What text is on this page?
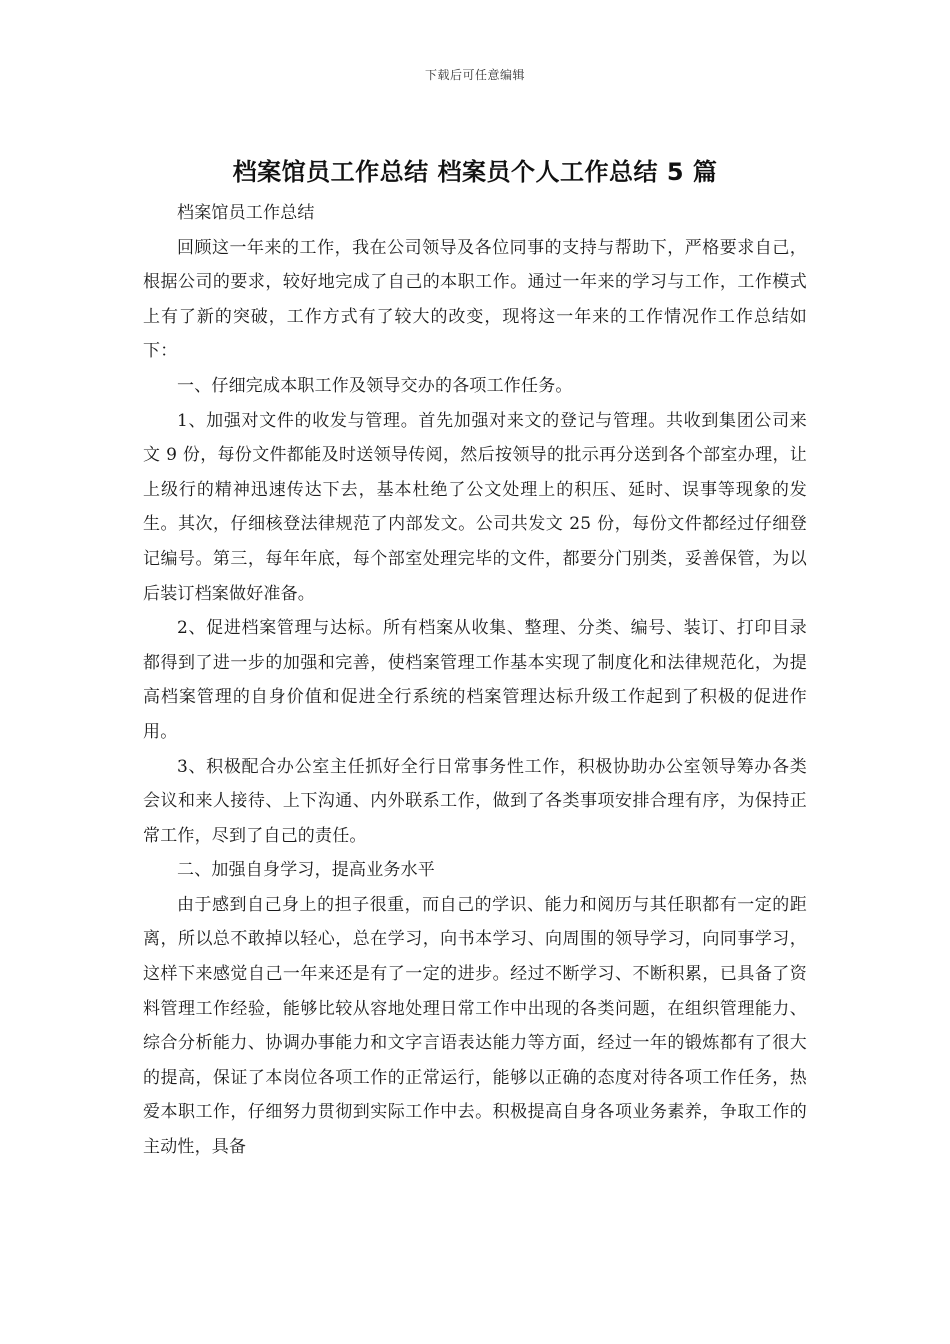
下载后可任意编辑
档案馆员工作总结 档案员个人工作总结 5 篇

档案馆员工作总结

回顾这一年来的工作，我在公司领导及各位同事的支持与帮助下，严格要求自己，根据公司的要求，较好地完成了自己的本职工作。通过一年来的学习与工作，工作模式上有了新的突破，工作方式有了较大的改变，现将这一年来的工作情况作工作总结如下：

一、仔细完成本职工作及领导交办的各项工作任务。

1、加强对文件的收发与管理。首先加强对来文的登记与管理。共收到集团公司来文 9 份，每份文件都能及时送领导传阅，然后按领导的批示再分送到各个部室办理，让上级行的精神迅速传达下去，基本杜绝了公文处理上的积压、延时、误事等现象的发生。其次，仔细核登法律规范了内部发文。公司共发文 25 份，每份文件都经过仔细登记编号。第三，每年年底，每个部室处理完毕的文件，都要分门别类，妥善保管，为以后装订档案做好准备。

2、促进档案管理与达标。所有档案从收集、整理、分类、编号、装订、打印目录都得到了进一步的加强和完善，使档案管理工作基本实现了制度化和法律规范化，为提高档案管理的自身价值和促进全行系统的档案管理达标升级工作起到了积极的促进作用。

3、积极配合办公室主任抓好全行日常事务性工作，积极协助办公室领导筹办各类会议和来人接待、上下沟通、内外联系工作，做到了各类事项安排合理有序，为保持正常工作，尽到了自己的责任。

二、加强自身学习，提高业务水平

由于感到自己身上的担子很重，而自己的学识、能力和阅历与其任职都有一定的距离，所以总不敢掉以轻心，总在学习，向书本学习、向周围的领导学习，向同事学习，这样下来感觉自己一年来还是有了一定的进步。经过不断学习、不断积累，已具备了资料管理工作经验，能够比较从容地处理日常工作中出现的各类问题，在组织管理能力、综合分析能力、协调办事能力和文字言语表达能力等方面，经过一年的锻炼都有了很大的提高，保证了本岗位各项工作的正常运行，能够以正确的态度对待各项工作任务，热爱本职工作，仔细努力贯彻到实际工作中去。积极提高自身各项业务素养，争取工作的主动性，具备
